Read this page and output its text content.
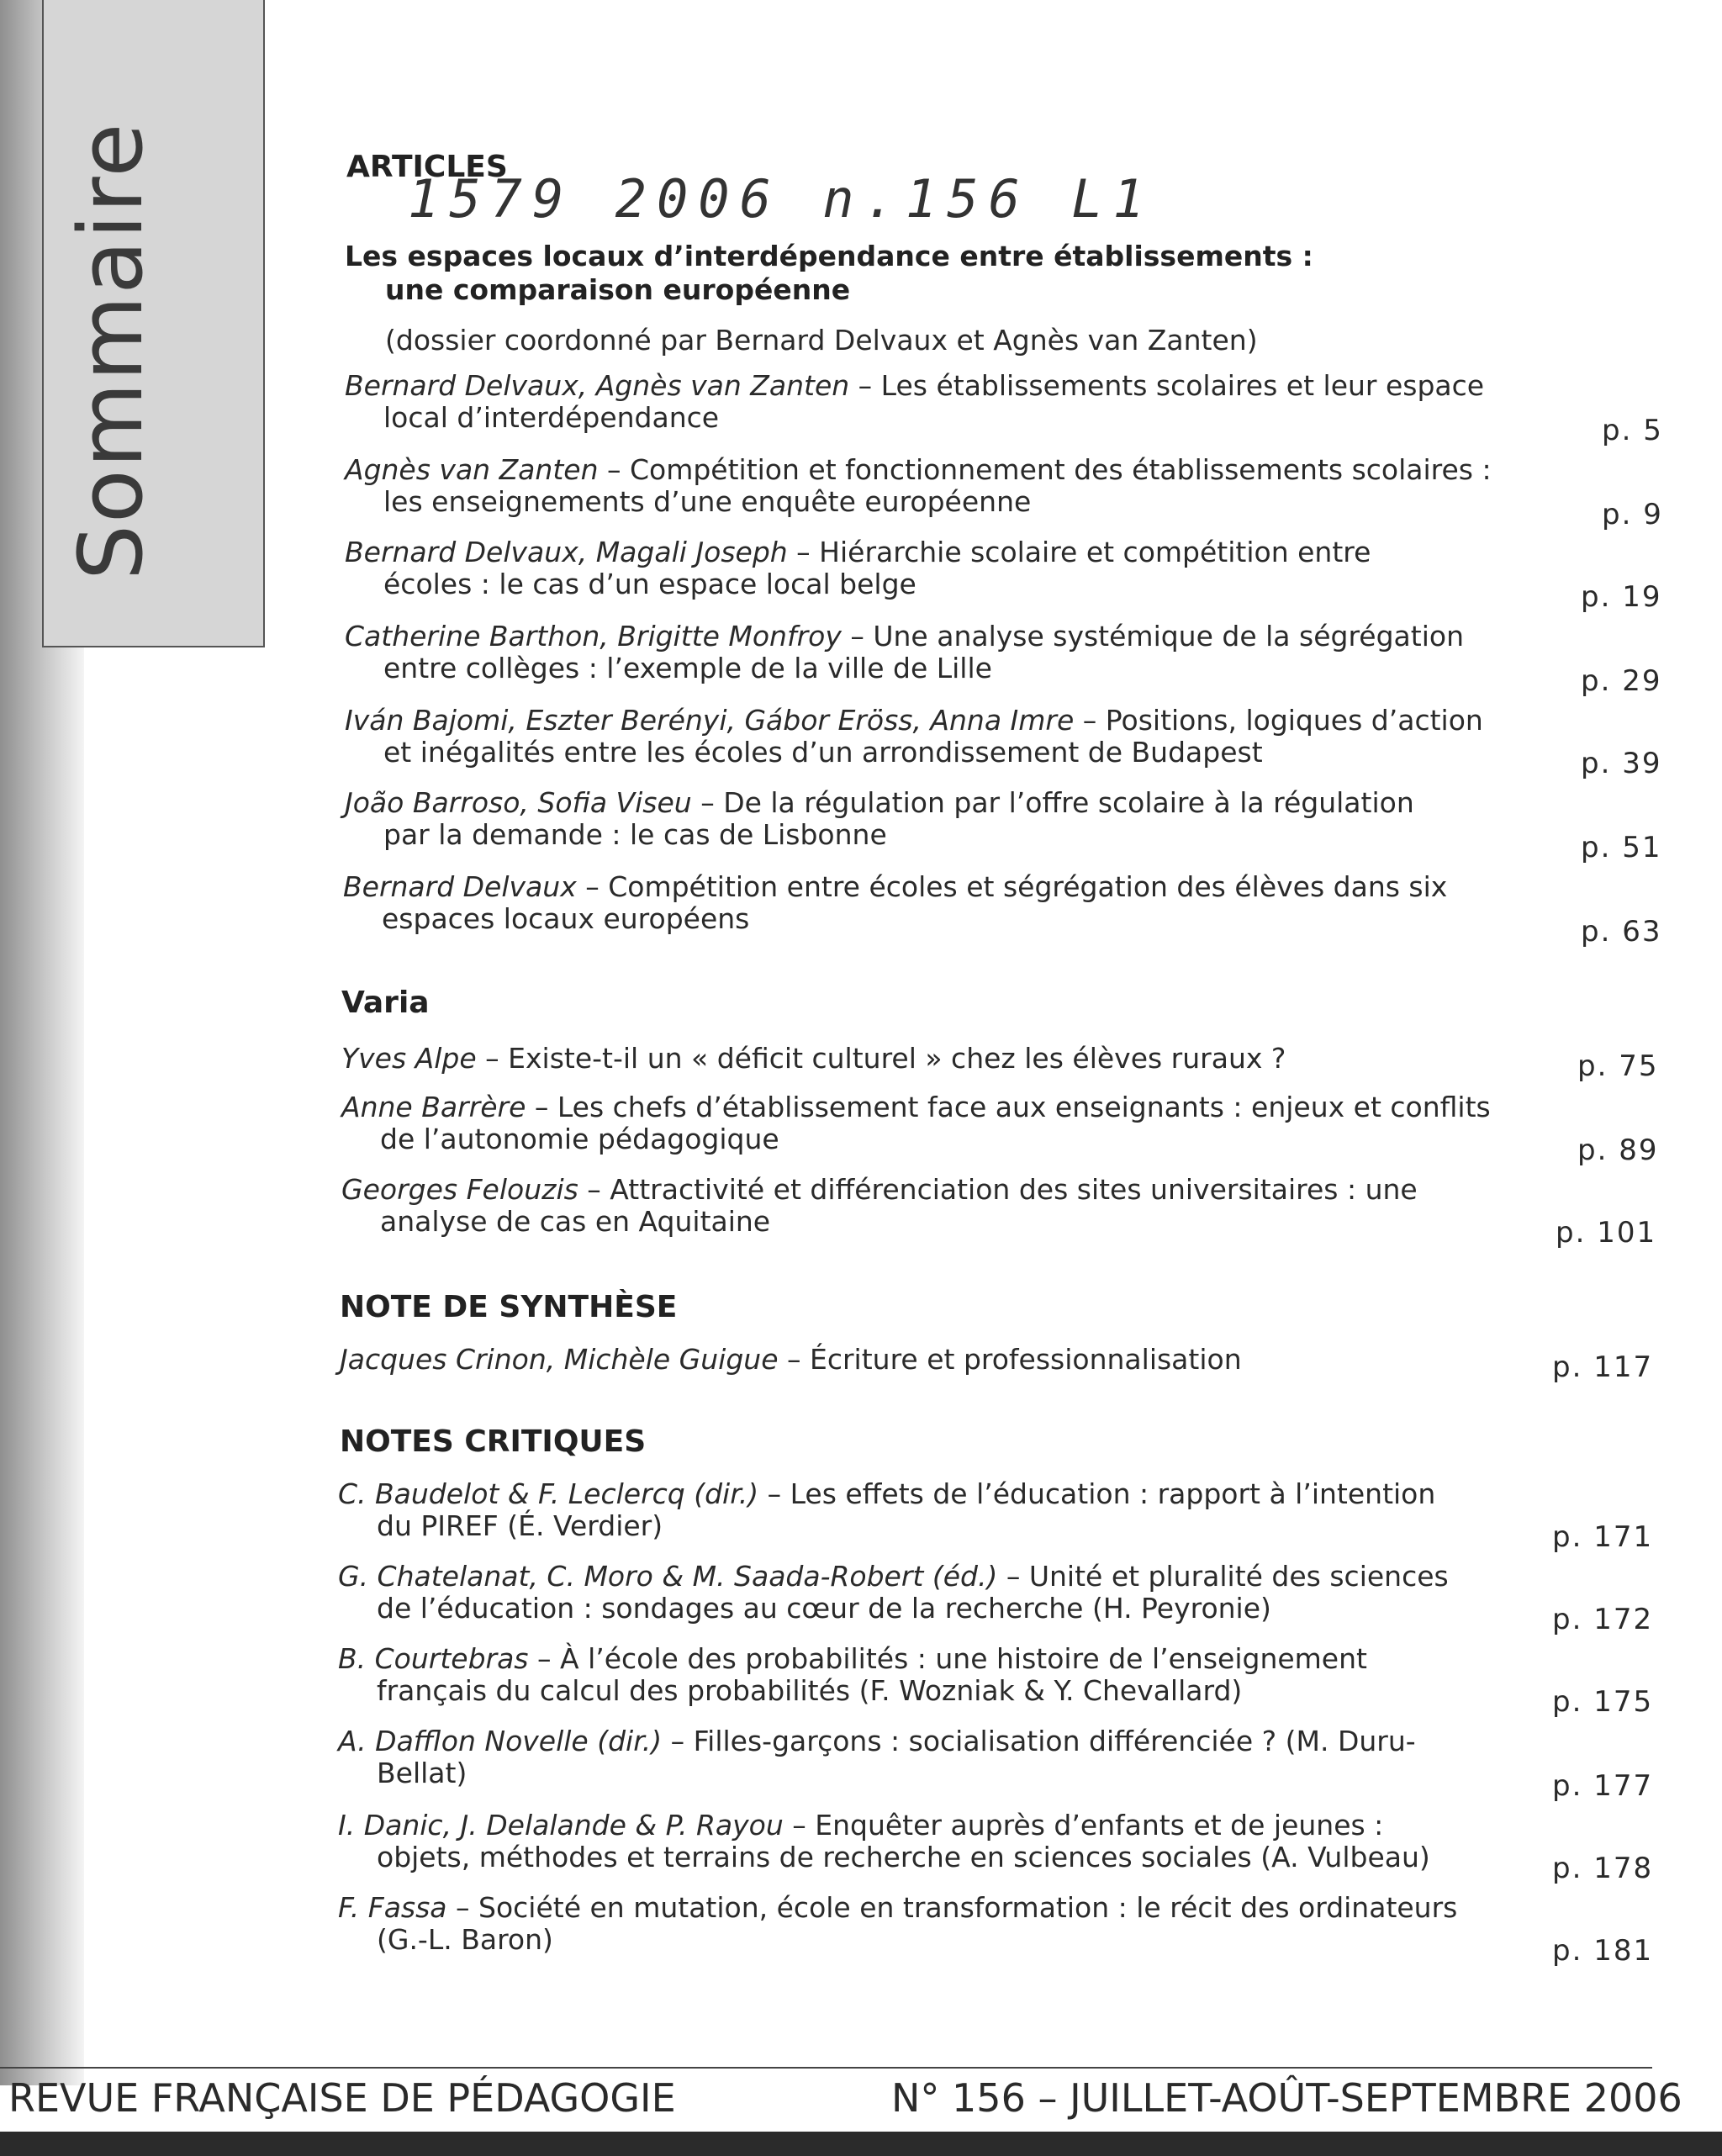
Sommaire	ARTICLES
1579 2006 n.156 L1
Les espaces locaux d’interdépendance entre établissements :
une comparaison européenne
(dossier coordonné par Bernard Delvaux et Agnès van Zanten)
Bernard Delvaux, Agnès van Zanten – Les établissements scolaires et leur espace
local d’interdépendance	p. 5
Agnès van Zanten – Compétition et fonctionnement des établissements scolaires :
les enseignements d’une enquête européenne	p. 9
Bernard Delvaux, Magali Joseph – Hiérarchie scolaire et compétition entre
écoles : le cas d’un espace local belge	p. 19
Catherine Barthon, Brigitte Monfroy – Une analyse systémique de la ségrégation
entre collèges : l’exemple de la ville de Lille	p. 29
Iván Bajomi, Eszter Berényi, Gábor Eröss, Anna Imre – Positions, logiques d’action
et inégalités entre les écoles d’un arrondissement de Budapest	p. 39
João Barroso, Sofia Viseu – De la régulation par l’offre scolaire à la régulation
par la demande : le cas de Lisbonne	p. 51
Bernard Delvaux – Compétition entre écoles et ségrégation des élèves dans six
espaces locaux européens	p. 63
Varia
Yves Alpe – Existe-t-il un « déficit culturel » chez les élèves ruraux ?	p. 75
Anne Barrère – Les chefs d’établissement face aux enseignants : enjeux et conflits
de l’autonomie pédagogique	p. 89
Georges Felouzis – Attractivité et différenciation des sites universitaires : une
analyse de cas en Aquitaine	p. 101
NOTE DE SYNTHÈSE
Jacques Crinon, Michèle Guigue – Écriture et professionnalisation	p. 117
NOTES CRITIQUES
C. Baudelot & F. Leclercq (dir.) – Les effets de l’éducation : rapport à l’intention
du PIREF (É. Verdier)	p. 171
G. Chatelanat, C. Moro & M. Saada-Robert (éd.) – Unité et pluralité des sciences
de l’éducation : sondages au cœur de la recherche (H. Peyronie)	p. 172
B. Courtebras – À l’école des probabilités : une histoire de l’enseignement
français du calcul des probabilités (F. Wozniak & Y. Chevallard)	p. 175
A. Dafflon Novelle (dir.) – Filles-garçons : socialisation différenciée ? (M. Duru-
Bellat)	p. 177
I. Danic, J. Delalande & P. Rayou – Enquêter auprès d’enfants et de jeunes :
objets, méthodes et terrains de recherche en sciences sociales (A. Vulbeau)	p. 178
F. Fassa – Société en mutation, école en transformation : le récit des ordinateurs
(G.-L. Baron)	p. 181
REVUE FRANÇAISE DE PÉDAGOGIE	N° 156 – JUILLET-AOÛT-SEPTEMBRE 2006
